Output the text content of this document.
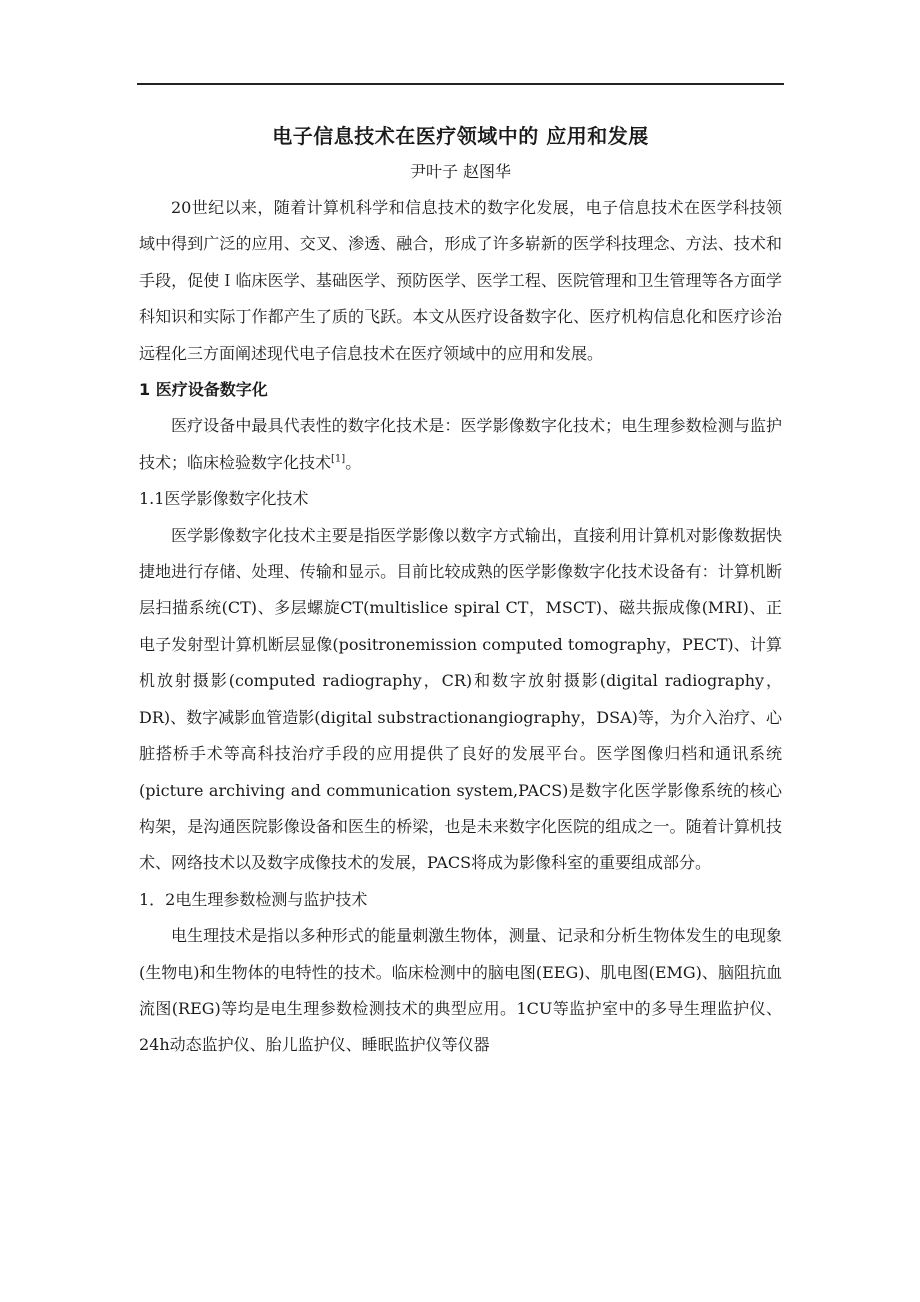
电子信息技术在医疗领域中的 应用和发展
尹叶子 赵图华

20世纪以来，随着计算机科学和信息技术的数字化发展，电子信息技术在医学科技领域中得到广泛的应用、交叉、渗透、融合，形成了许多崭新的医学科技理念、方法、技术和手段，促使Ｉ临床医学、基础医学、预防医学、医学工程、医院管理和卫生管理等各方面学科知识和实际丁作都产生了质的飞跃。本文从医疗设备数字化、医疗机构信息化和医疗诊治远程化三方面阐述现代电子信息技术在医疗领域中的应用和发展。

1 医疗设备数字化

医疗设备中最具代表性的数字化技术是：医学影像数字化技术；电生理参数检测与监护技术；临床检验数字化技术[1]。

1.1医学影像数字化技术

医学影像数字化技术主要是指医学影像以数字方式输出，直接利用计算机对影像数据快捷地进行存储、处理、传输和显示。目前比较成熟的医学影像数字化技术设备有：计算机断层扫描系统(CT)、多层螺旋CT(multislice spiral CT，MSCT)、磁共振成像(MRI)、正电子发射型计算机断层显像(positronemission computed tomography，PECT)、计算机放射摄影(computed radiography，CR)和数字放射摄影(digital radiography，DR)、数字减影血管造影(digital substractionangiography，DSA)等，为介入治疗、心脏搭桥手术等高科技治疗手段的应用提供了良好的发展平台。医学图像归档和通讯系统(picture archiving and communication system,PACS)是数字化医学影像系统的核心构架，是沟通医院影像设备和医生的桥梁，也是未来数字化医院的组成之一。随着计算机技术、网络技术以及数字成像技术的发展，PACS将成为影像科室的重要组成部分。

1．2电生理参数检测与监护技术

电生理技术是指以多种形式的能量刺激生物体，测量、记录和分析生物体发生的电现象(生物电)和生物体的电特性的技术。临床检测中的脑电图(EEG)、肌电图(EMG)、脑阻抗血流图(REG)等均是电生理参数检测技术的典型应用。1CU等监护室中的多导生理监护仪、24h动态监护仪、胎儿监护仪、睡眠监护仪等仪器
